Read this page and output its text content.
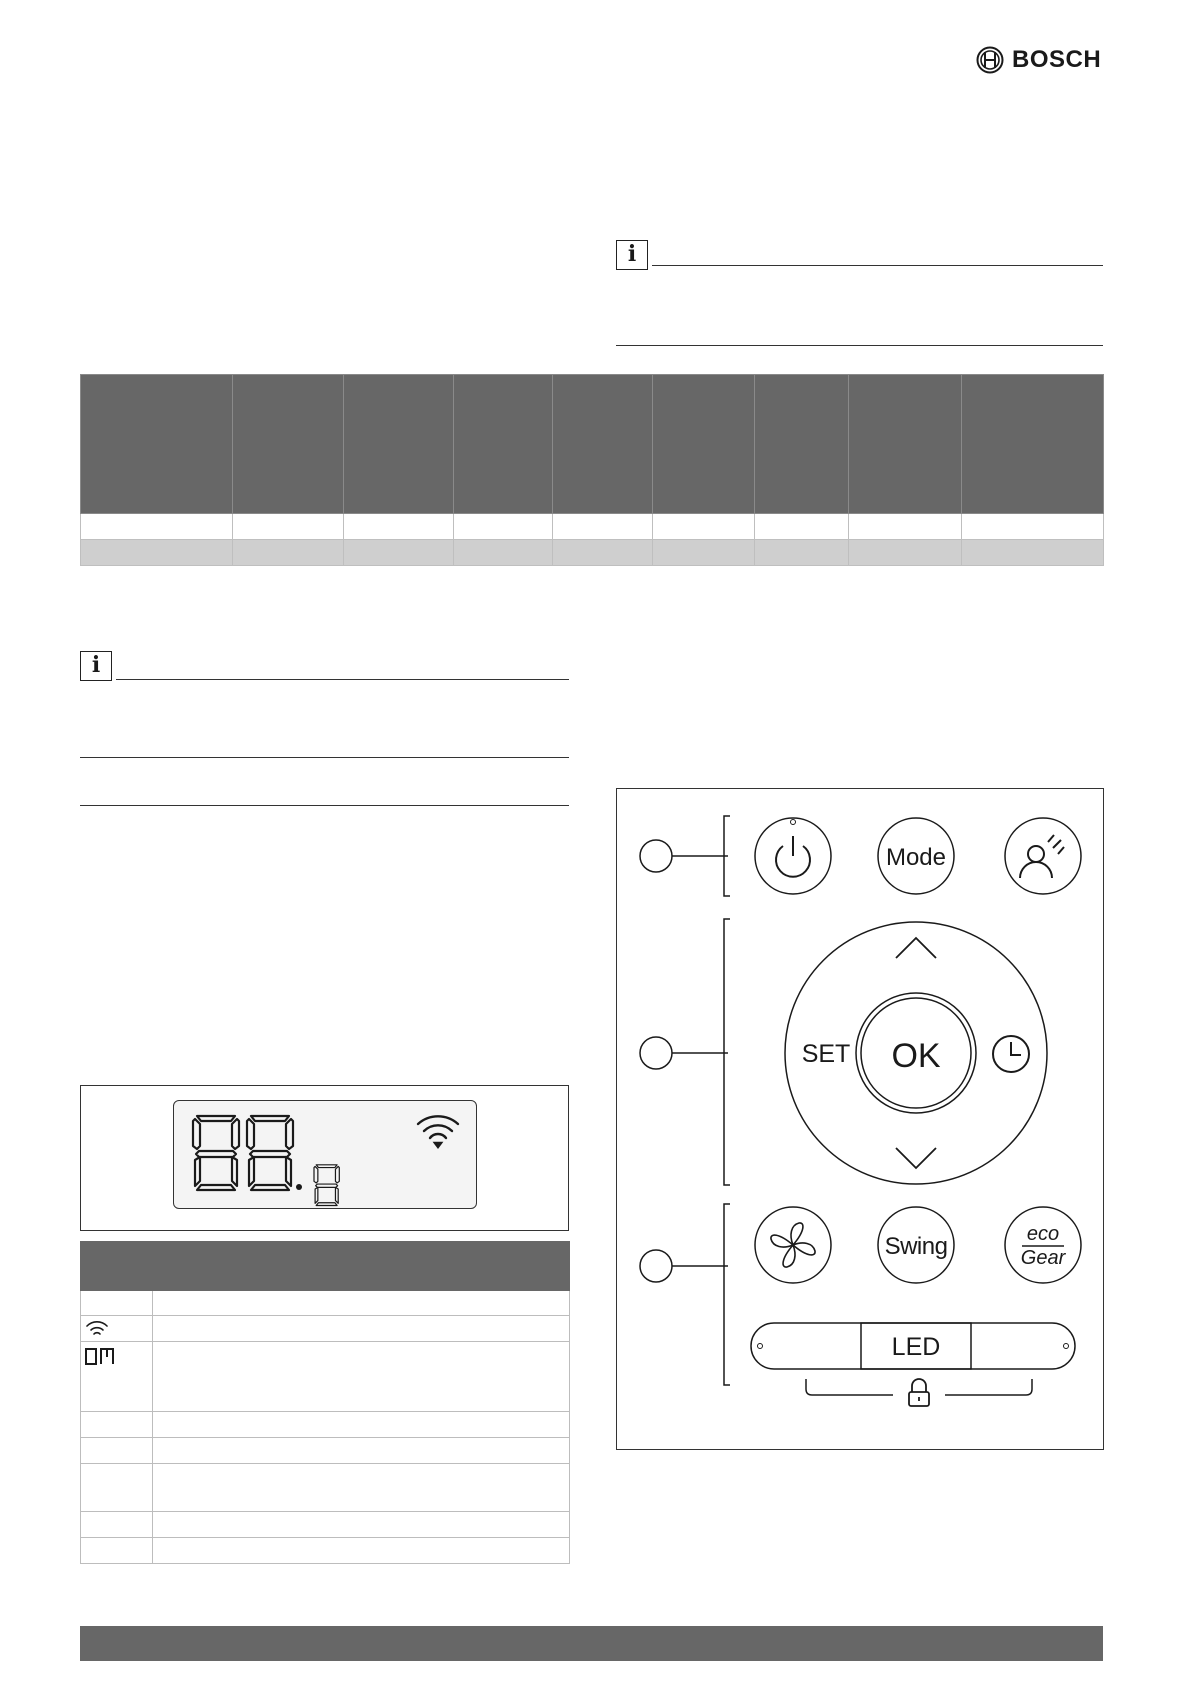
BOSCH
i

i

Mode
SET OK
Swing	eco
Gear
LED
